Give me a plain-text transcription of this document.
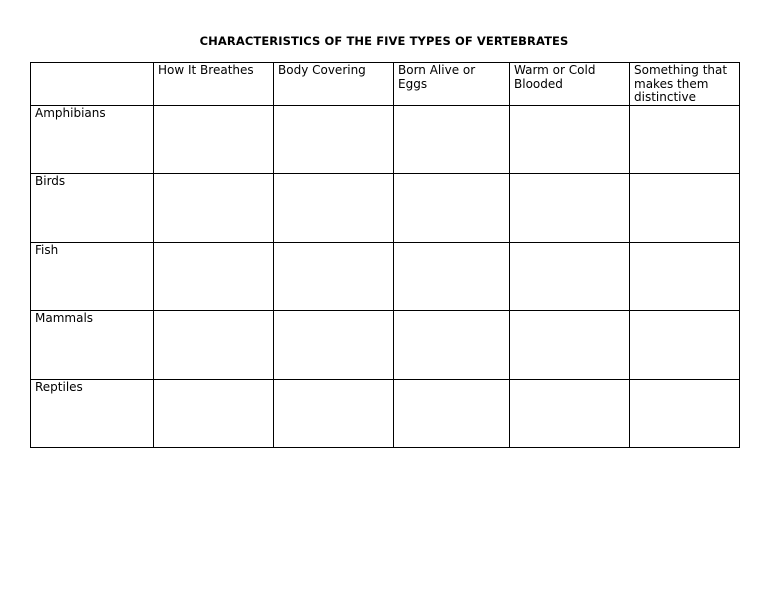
CHARACTERISTICS OF THE FIVE TYPES OF VERTEBRATES
	How It Breathes	Body Covering	Born Alive or Eggs	Warm or Cold Blooded	Something that makes them distinctive
Amphibians					
Birds					
Fish					
Mammals					
Reptiles					
